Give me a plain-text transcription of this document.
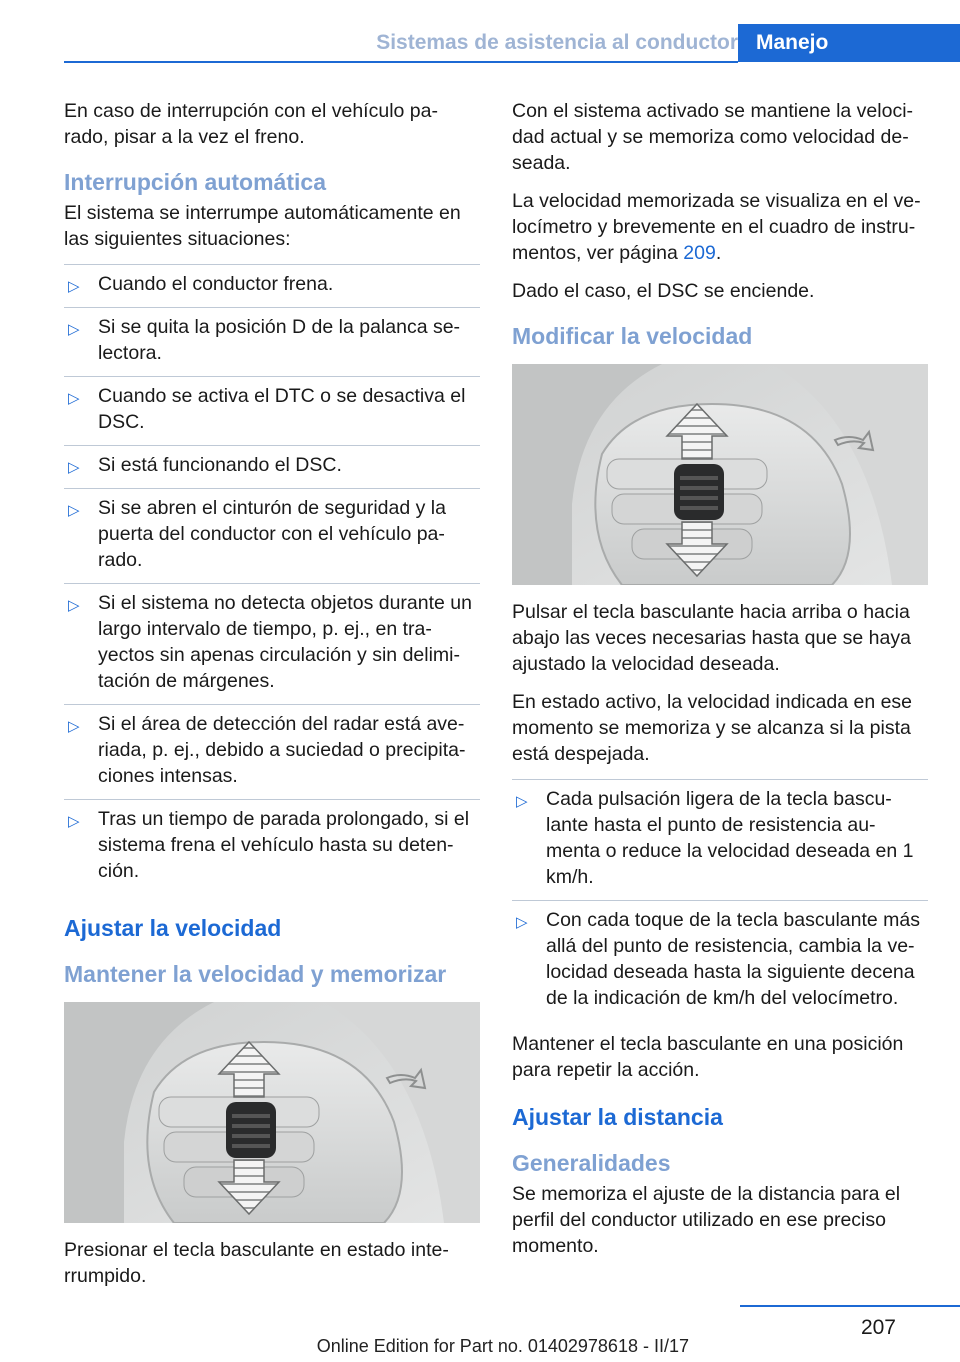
Sistemas de asistencia al conductor Manejo

En caso de interrupción con el vehículo pa- rado, pisar a la vez el freno.

Interrupción automática

El sistema se interrumpe automáticamente en las siguientes situaciones:

▷ Cuando el conductor frena.
▷ Si se quita la posición D de la palanca se- lectora.
▷ Cuando se activa el DTC o se desactiva el DSC.
▷ Si está funcionando el DSC.
▷ Si se abren el cinturón de seguridad y la puerta del conductor con el vehículo pa- rado.
▷ Si el sistema no detecta objetos durante un largo intervalo de tiempo, p. ej., en tra- yectos sin apenas circulación y sin delimi- tación de márgenes.
▷ Si el área de detección del radar está ave- riada, p. ej., debido a suciedad o precipita- ciones intensas.
▷ Tras un tiempo de parada prolongado, si el sistema frena el vehículo hasta su deten- ción.
Ajustar la velocidad
Mantener la velocidad y memorizar

Presionar el tecla basculante en estado inte- rrumpido.

Con el sistema activado se mantiene la veloci- dad actual y se memoriza como velocidad de- seada.

La velocidad memorizada se visualiza en el ve- locímetro y brevemente en el cuadro de instru- mentos, ver página 209.

Dado el caso, el DSC se enciende.

Modificar la velocidad

Pulsar el tecla basculante hacia arriba o hacia abajo las veces necesarias hasta que se haya ajustado la velocidad deseada.

En estado activo, la velocidad indicada en ese momento se memoriza y se alcanza si la pista está despejada.

▷ Cada pulsación ligera de la tecla bascu- lante hasta el punto de resistencia au- menta o reduce la velocidad deseada en 1 km/h.
▷ Con cada toque de la tecla basculante más allá del punto de resistencia, cambia la ve- locidad deseada hasta la siguiente decena de la indicación de km/h del velocímetro.

Mantener el tecla basculante en una posición para repetir la acción.

Ajustar la distancia
Generalidades

Se memoriza el ajuste de la distancia para el perfil del conductor utilizado en ese preciso momento.

207
Online Edition for Part no. 01402978618 - II/17
